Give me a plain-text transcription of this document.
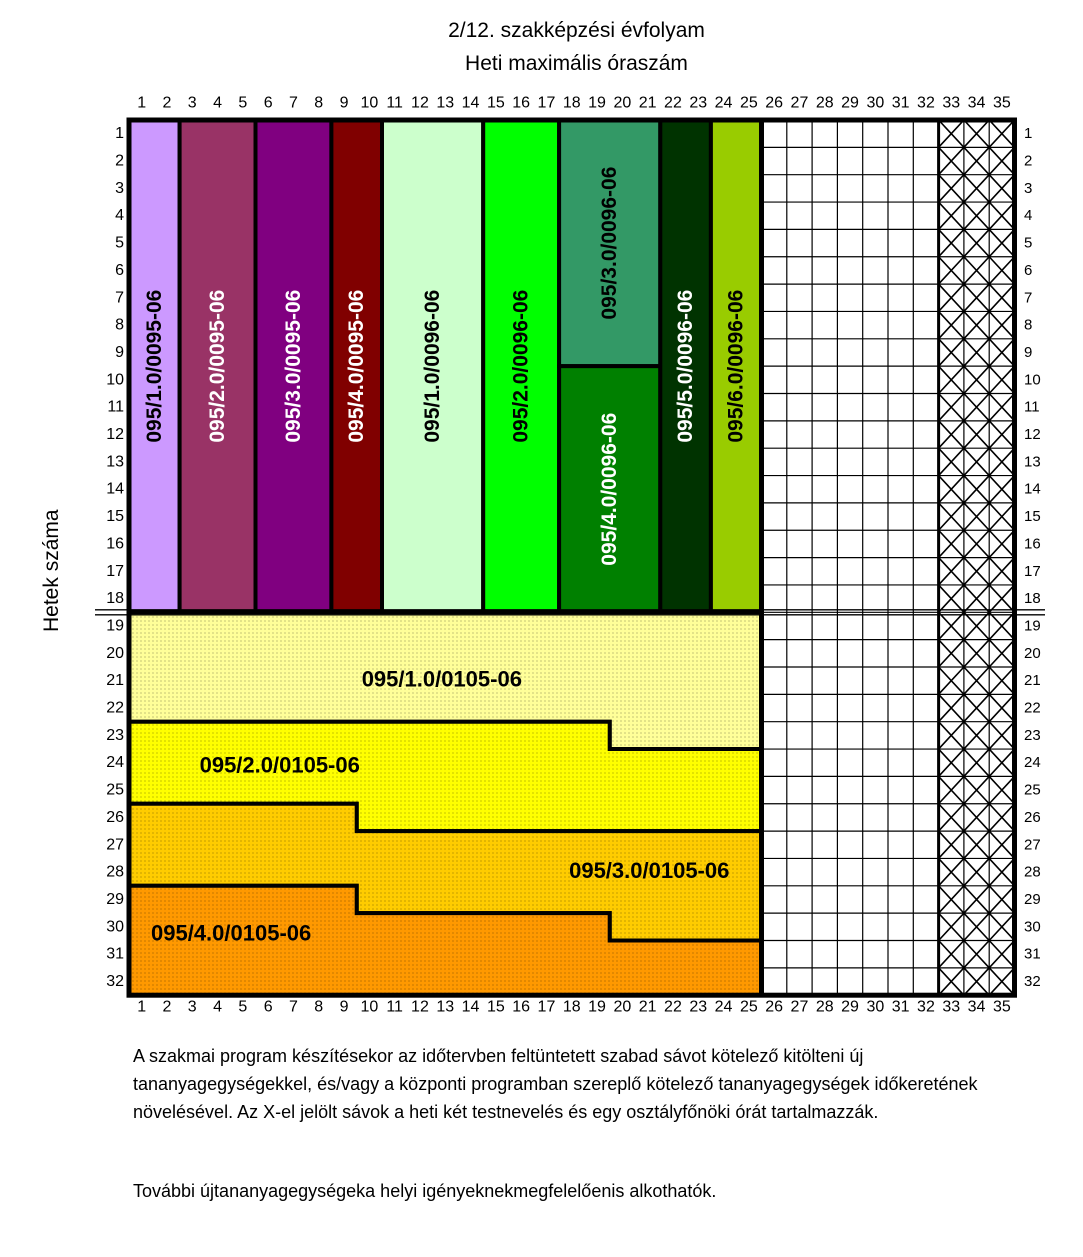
2/12. szakképzési évfolyam
Heti maximális óraszám
095/1.0/0095-06 095/2.0/0095-06	095/3.0/0095-06 095/4.0/0095-06	095/1.0/0096-06	095/2.0/0096-06
095/3.0/0096-06
095/4.0/0096-06
095/5.0/0096-06 095/6.0/0096-06
095/1.0/0105-06
095/2.0/0105-06
095/3.0/0105-06
095/4.0/0105-06
1
1
2
2
3
3
4
4
5
5
6
6
7
7
8
8
9
9
10
10
11
11
12
12
13
13
14
14
15
15
16
16
17
17
18
18
19
19
20
20
21
21
22
22
23
23
24
24
25
25
26
26
27
27
28
28
29
29
30
30
31
31
32
32
33
33
34
34
35
35
1	1
2	2
3	3
4	4
5	5
6	6
7	7
8	8
9	9
10	10
11	11
12	12
13	13
14	14
15	15
16	16
17	17
18	18
19	19
20	20
21	21
22	22
23	23
24	24
25	25
26	26
27	27
28	28
29	29
30	30
31	31
32	32
Hetek száma
A szakmai program készítésekor az időtervben feltüntetett szabad sávot kötelező kitölteni új tananyagegységekkel, és/vagy a központi programban szereplő kötelező tananyagegységek időkeretének növelésével. Az X-el jelölt sávok a heti két testnevelés és egy osztályfőnöki órát tartalmazzák.
További újtananyagegységeka helyi igényeknekmegfelelőenis alkothatók.
